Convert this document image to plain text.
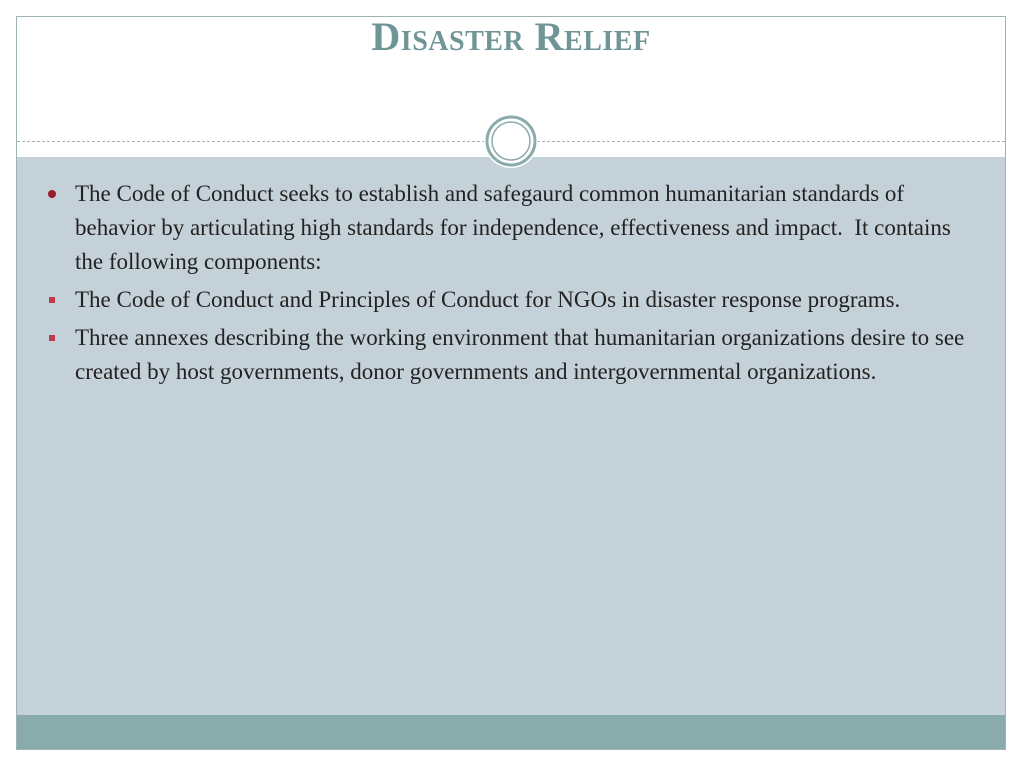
Disaster Relief
The Code of Conduct seeks to establish and safegaurd common humanitarian standards of behavior by articulating high standards for independence, effectiveness and impact.  It contains the following components:
The Code of Conduct and Principles of Conduct for NGOs in disaster response programs.
Three annexes describing the working environment that humanitarian organizations desire to see created by host governments, donor governments and intergovernmental organizations.
